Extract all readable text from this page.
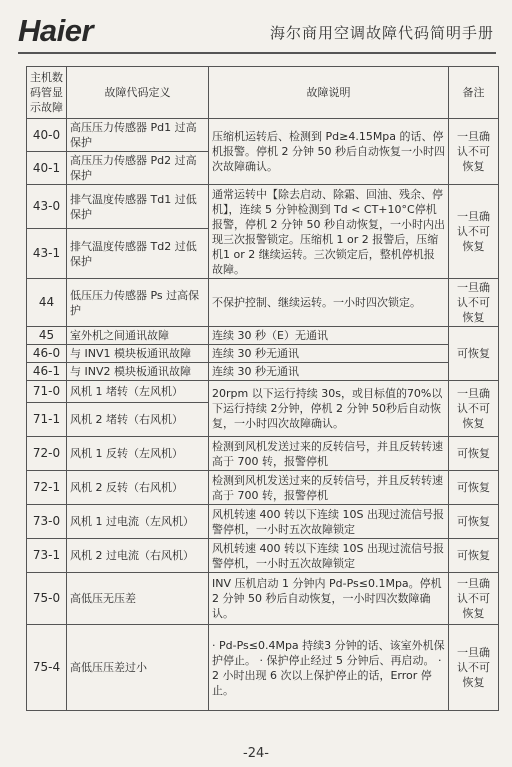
Haier	海尔商用空调故障代码简明手册
主机数码管显示故障	故障代码定义	故障说明	备注
40-0	高压压力传感器 Pd1 过高保护	压缩机运转后、检测到 Pd≥4.15Mpa 的话、停机报警。停机 2 分钟 50 秒后自动恢复一小时四次故障确认。	一旦确认不可恢复
40-1	高压压力传感器 Pd2 过高保护		
43-0	排气温度传感器 Td1 过低保护	通常运转中【除去启动、除霜、回油、残余、停机】，连续 5 分钟检测到 Td < CT+10°C停机报警，停机 2 分钟 50 秒自动恢复，一小时内出现三次报警锁定。压缩机 1 or 2 报警后，压缩机1 or 2 继续运转。三次锁定后，整机停机报故障。	一旦确认不可恢复
43-1	排气温度传感器 Td2 过低保护		
44	低压压力传感器 Ps 过高保护	不保护控制、继续运转。一小时四次锁定。	一旦确认不可恢复
45	室外机之间通讯故障	连续 30 秒（E）无通讯	可恢复
46-0	与 INV1 模块板通讯故障	连续 30 秒无通讯	
46-1	与 INV2 模块板通讯故障	连续 30 秒无通讯	
71-0	风机 1 堵转（左风机）	20rpm 以下运行持续 30s，或目标值的70%以下运行持续 2分钟，停机 2 分钟 50秒后自动恢复，一小时四次故障确认。	一旦确认不可恢复
71-1	风机 2 堵转（右风机）		
72-0	风机 1 反转（左风机）	检测到风机发送过来的反转信号，并且反转转速高于 700 转，报警停机	可恢复
72-1	风机 2 反转（右风机）	检测到风机发送过来的反转信号，并且反转转速高于 700 转，报警停机	可恢复
73-0	风机 1 过电流（左风机）	风机转速 400 转以下连续 10S 出现过流信号报警停机，一小时五次故障锁定	可恢复
73-1	风机 2 过电流（右风机）	风机转速 400 转以下连续 10S 出现过流信号报警停机，一小时五次故障锁定	可恢复
75-0	高低压无压差	INV 压机启动 1 分钟内 Pd-Ps≤0.1Mpa。停机 2 分钟 50 秒后自动恢复，一小时四次数障确认。	一旦确认不可恢复
75-4	高低压压差过小	· Pd-Ps≤0.4Mpa 持续3 分钟的话、该室外机保护停止。 · 保护停止经过 5 分钟后、再启动。 · 2 小时出现 6 次以上保护停止的话，Error 停止。	一旦确认不可恢复
-24-
